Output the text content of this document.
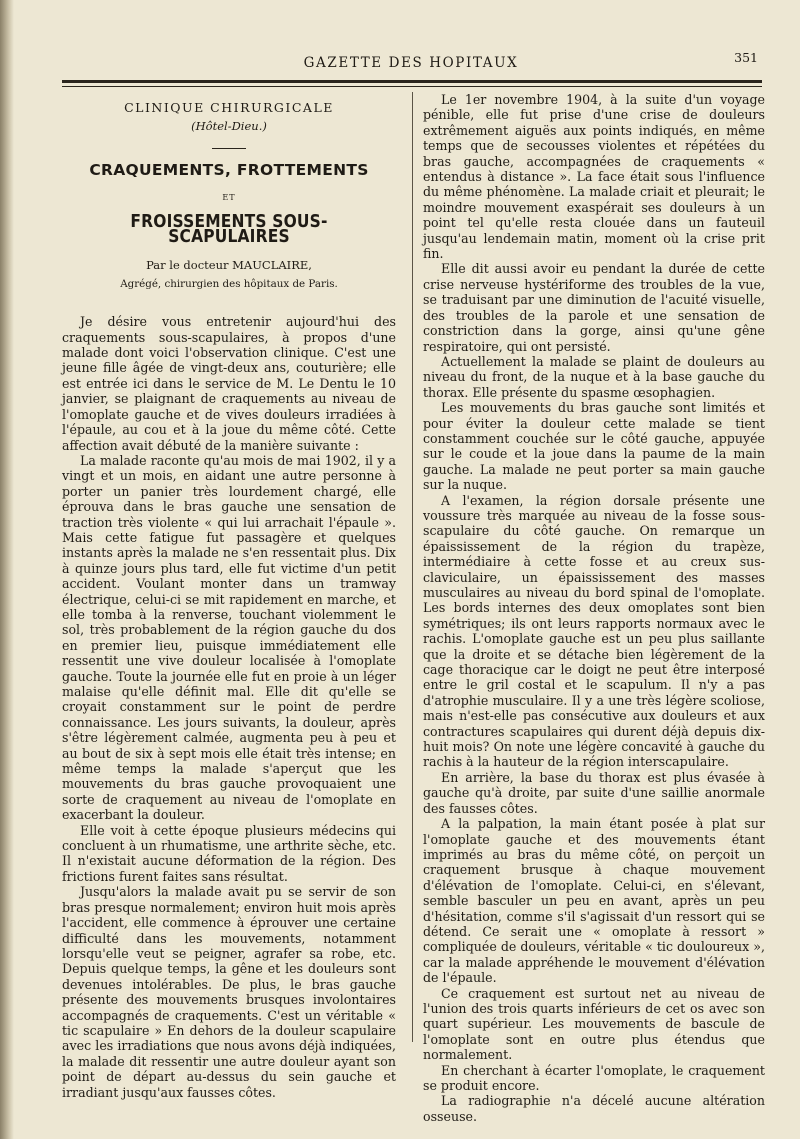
GAZETTE DES HOPITAUX	351
CLINIQUE CHIRURGICALE
(Hôtel-Dieu.)
CRAQUEMENTS, FROTTEMENTS
ET
FROISSEMENTS SOUS-SCAPULAIRES
Par le docteur MAUCLAIRE,
Agrégé, chirurgien des hôpitaux de Paris.

Je désire vous entretenir aujourd'hui des craquements sous-scapulaires, à propos d'une malade dont voici l'observation clinique. C'est une jeune fille âgée de vingt-deux ans, couturière; elle est entrée ici dans le service de M. Le Dentu le 10 janvier, se plaignant de craquements au niveau de l'omoplate gauche et de vives douleurs irradiées à l'épaule, au cou et à la joue du même côté. Cette affection avait débuté de la manière suivante :

La malade raconte qu'au mois de mai 1902, il y a vingt et un mois, en aidant une autre personne à porter un panier très lourdement chargé, elle éprouva dans le bras gauche une sensation de traction très violente « qui lui arrachait l'épaule ». Mais cette fatigue fut passagère et quelques instants après la malade ne s'en ressentait plus. Dix à quinze jours plus tard, elle fut victime d'un petit accident. Voulant monter dans un tramway électrique, celui-ci se mit rapidement en marche, et elle tomba à la renverse, touchant violemment le sol, très probablement de la région gauche du dos en premier lieu, puisque immédiatement elle ressentit une vive douleur localisée à l'omoplate gauche. Toute la journée elle fut en proie à un léger malaise qu'elle définit mal. Elle dit qu'elle se croyait constamment sur le point de perdre connaissance. Les jours suivants, la douleur, après s'être légèrement calmée, augmenta peu à peu et au bout de six à sept mois elle était très intense; en même temps la malade s'aperçut que les mouvements du bras gauche provoquaient une sorte de craquement au niveau de l'omoplate en exacerbant la douleur.

Elle voit à cette époque plusieurs médecins qui concluent à un rhumatisme, une arthrite sèche, etc. Il n'existait aucune déformation de la région. Des frictions furent faites sans résultat.

Jusqu'alors la malade avait pu se servir de son bras presque normalement; environ huit mois après l'accident, elle commence à éprouver une certaine difficulté dans les mouvements, notamment lorsqu'elle veut se peigner, agrafer sa robe, etc. Depuis quelque temps, la gêne et les douleurs sont devenues intolérables. De plus, le bras gauche présente des mouvements brusques involontaires accompagnés de craquements. C'est un véritable « tic scapulaire » En dehors de la douleur scapulaire avec les irradiations que nous avons déjà indiquées, la malade dit ressentir une autre douleur ayant son point de départ au-dessus du sein gauche et irradiant jusqu'aux fausses côtes.

Le 1er novembre 1904, à la suite d'un voyage pénible, elle fut prise d'une crise de douleurs extrêmement aiguës aux points indiqués, en même temps que de secousses violentes et répétées du bras gauche, accompagnées de craquements « entendus à distance ». La face était sous l'influence du même phénomène. La malade criait et pleurait; le moindre mouvement exaspérait ses douleurs à un point tel qu'elle resta clouée dans un fauteuil jusqu'au lendemain matin, moment où la crise prit fin.

Elle dit aussi avoir eu pendant la durée de cette crise nerveuse hystériforme des troubles de la vue, se traduisant par une diminution de l'acuité visuelle, des troubles de la parole et une sensation de constriction dans la gorge, ainsi qu'une gêne respiratoire, qui ont persisté.

Actuellement la malade se plaint de douleurs au niveau du front, de la nuque et à la base gauche du thorax. Elle présente du spasme œsophagien.

Les mouvements du bras gauche sont limités et pour éviter la douleur cette malade se tient constamment couchée sur le côté gauche, appuyée sur le coude et la joue dans la paume de la main gauche. La malade ne peut porter sa main gauche sur la nuque.

A l'examen, la région dorsale présente une voussure très marquée au niveau de la fosse sous-scapulaire du côté gauche. On remarque un épaississement de la région du trapèze, intermédiaire à cette fosse et au creux sus-claviculaire, un épaississement des masses musculaires au niveau du bord spinal de l'omoplate. Les bords internes des deux omoplates sont bien symétriques; ils ont leurs rapports normaux avec le rachis. L'omoplate gauche est un peu plus saillante que la droite et se détache bien légèrement de la cage thoracique car le doigt ne peut être interposé entre le gril costal et le scapulum. Il n'y a pas d'atrophie musculaire. Il y a une très légère scoliose, mais n'est-elle pas consécutive aux douleurs et aux contractures scapulaires qui durent déjà depuis dix-huit mois? On note une légère concavité à gauche du rachis à la hauteur de la région interscapulaire.

En arrière, la base du thorax est plus évasée à gauche qu'à droite, par suite d'une saillie anormale des fausses côtes.

A la palpation, la main étant posée à plat sur l'omoplate gauche et des mouvements étant imprimés au bras du même côté, on perçoit un craquement brusque à chaque mouvement d'élévation de l'omoplate. Celui-ci, en s'élevant, semble basculer un peu en avant, après un peu d'hésitation, comme s'il s'agissait d'un ressort qui se détend. Ce serait une « omoplate à ressort » compliquée de douleurs, véritable « tic douloureux », car la malade appréhende le mouvement d'élévation de l'épaule.

Ce craquement est surtout net au niveau de l'union des trois quarts inférieurs de cet os avec son quart supérieur. Les mouvements de bascule de l'omoplate sont en outre plus étendus que normalement.

En cherchant à écarter l'omoplate, le craquement se produit encore.

La radiographie n'a décelé aucune altération osseuse.
